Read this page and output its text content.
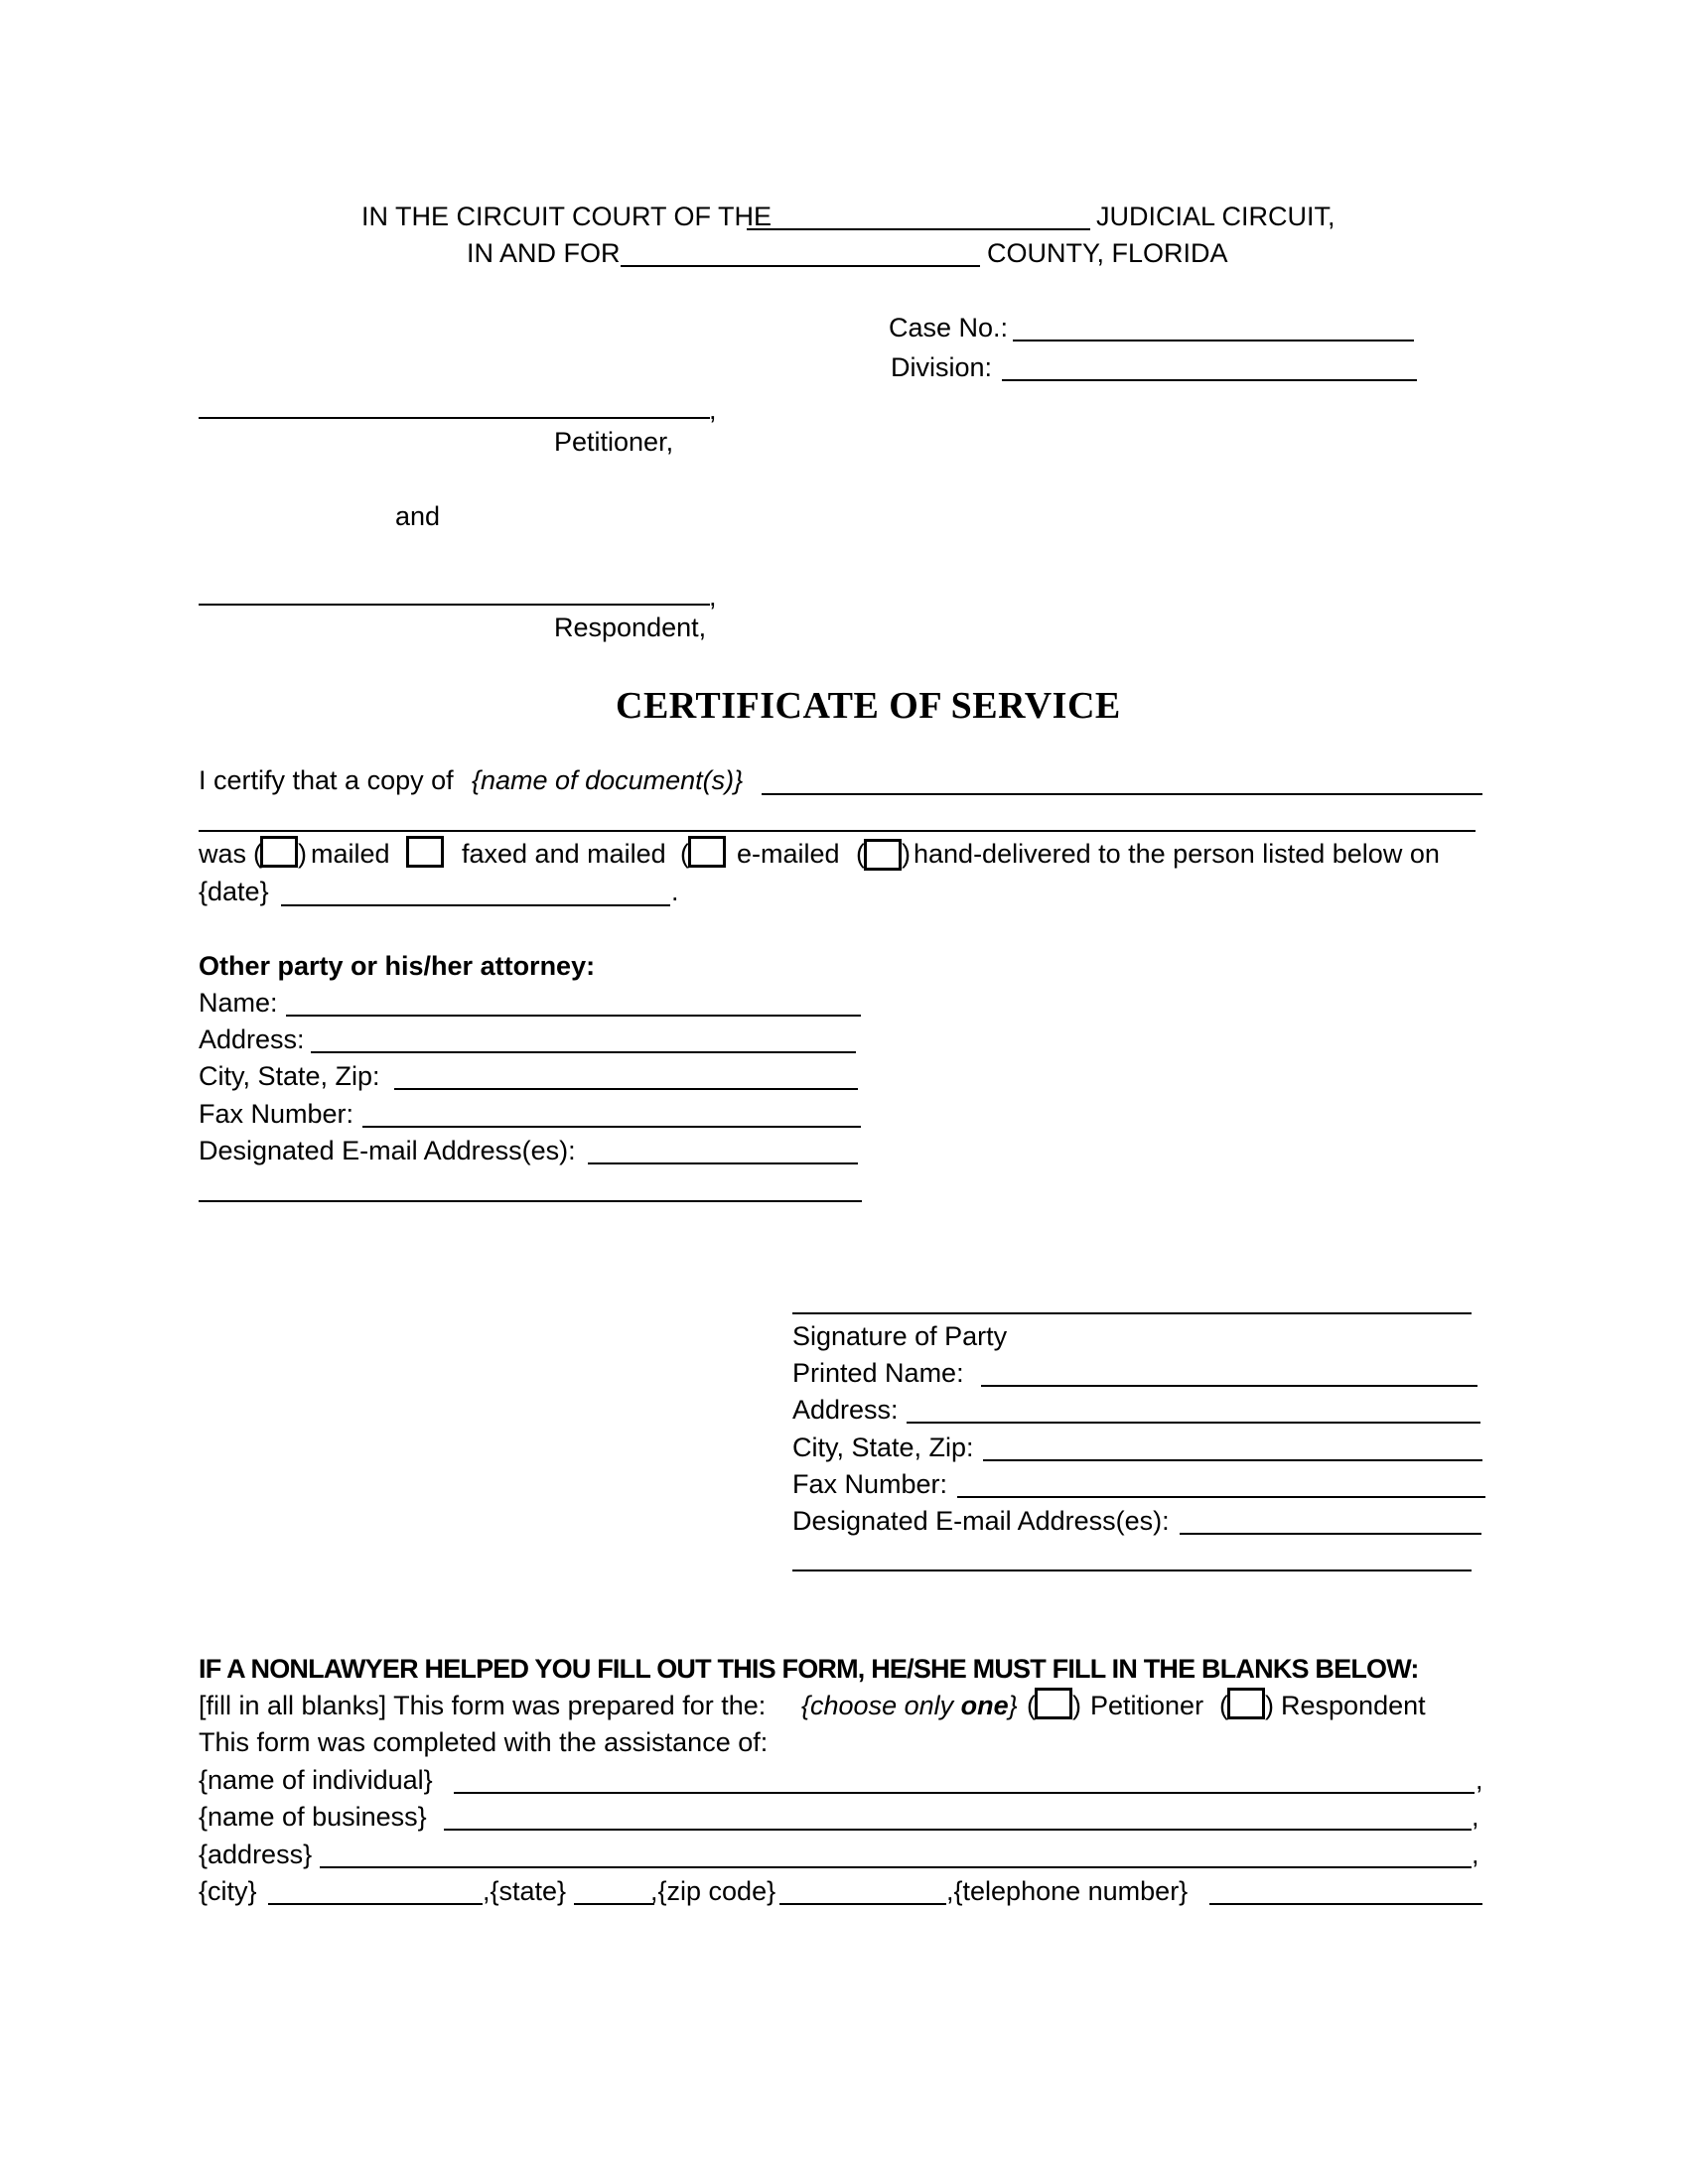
IN THE CIRCUIT COURT OF THE	JUDICIAL CIRCUIT,
IN AND FOR	COUNTY, FLORIDA
Case No.:
Division:
,
Petitioner,
and
,
Respondent,
CERTIFICATE OF SERVICE
I certify that a copy of {name of document(s)}
was ( ) mailed	faxed and mailed ( e-mailed ( ) hand-delivered to the person listed below on
{date}	.
Other party or his/her attorney:
Name:
Address:
City, State, Zip:
Fax Number:
Designated E-mail Address(es):
Signature of Party
Printed Name:
Address:
City, State, Zip:
Fax Number:
Designated E-mail Address(es):
IF A NONLAWYER HELPED YOU FILL OUT THIS FORM, HE/SHE MUST FILL IN THE BLANKS BELOW:
[fill in all blanks] This form was prepared for the: {choose only one} ( ) Petitioner ( ) Respondent
This form was completed with the assistance of:
{name of individual}	,
{name of business}	,
{address}	,
{city}	,{state}	,{zip code}	,{telephone number}
